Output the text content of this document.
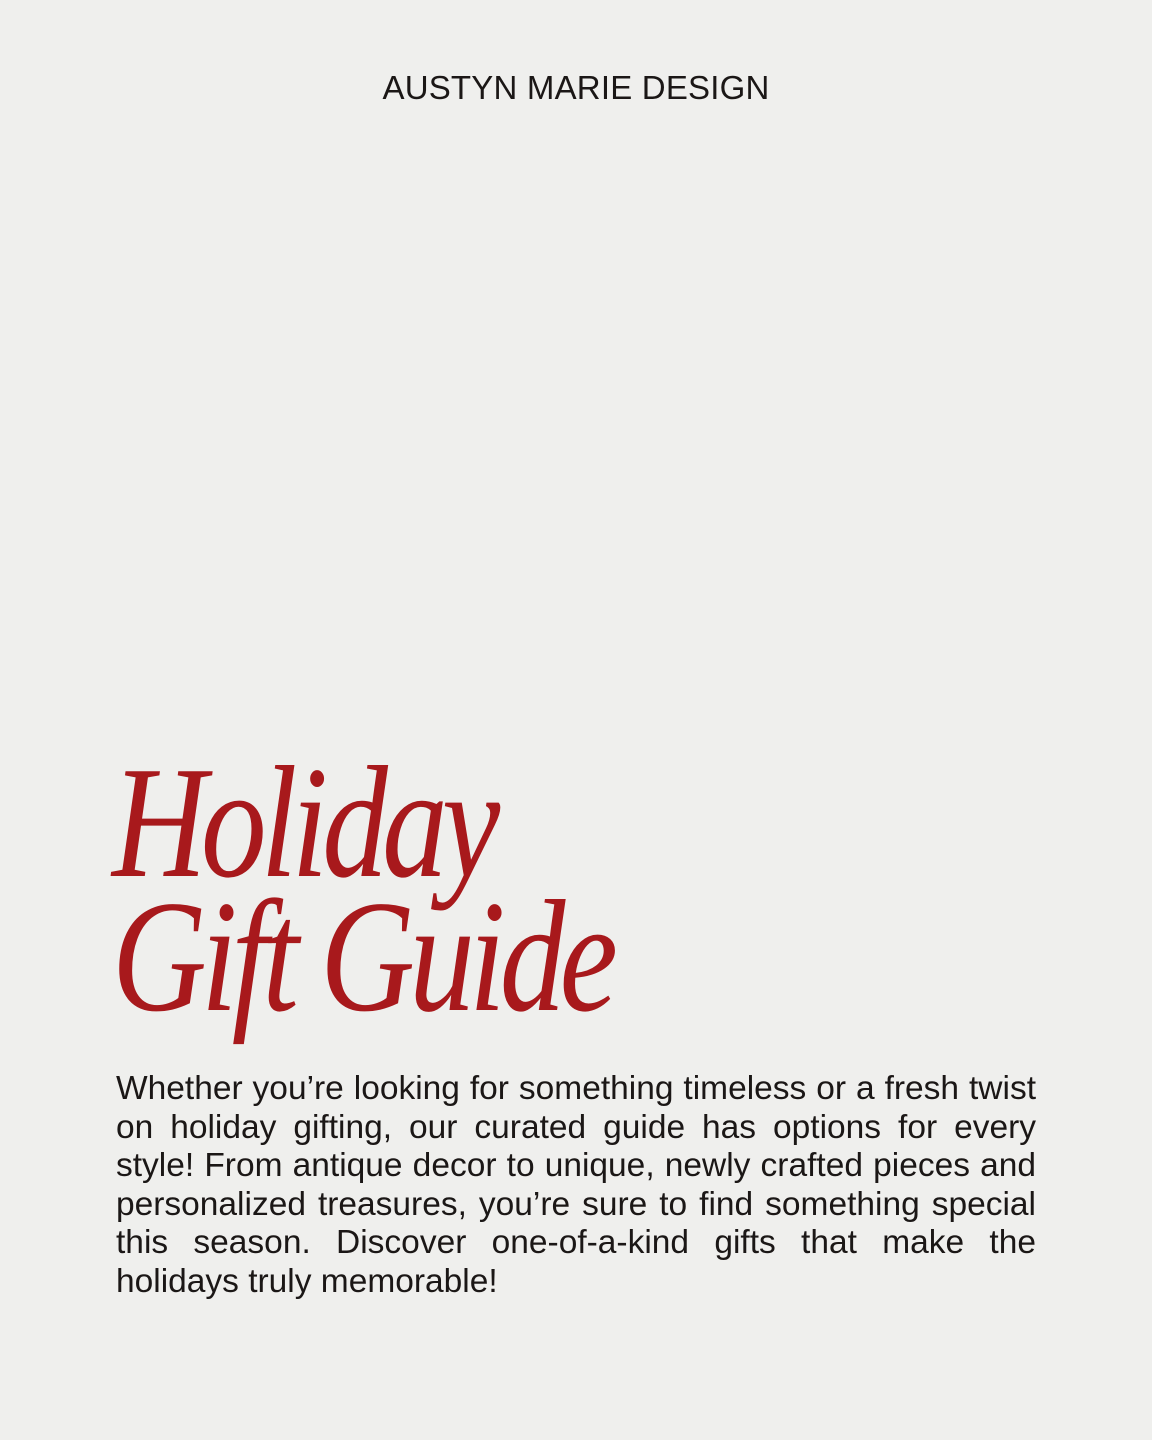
AUSTYN MARIE DESIGN
Holiday
Gift Guide

Whether you’re looking for something timeless or a fresh twist on holiday gifting, our curated guide has options for every style! From antique decor to unique, newly crafted pieces and personalized treasures, you’re sure to find something special this season. Discover one-of-a-kind gifts that make the holidays truly memorable!
